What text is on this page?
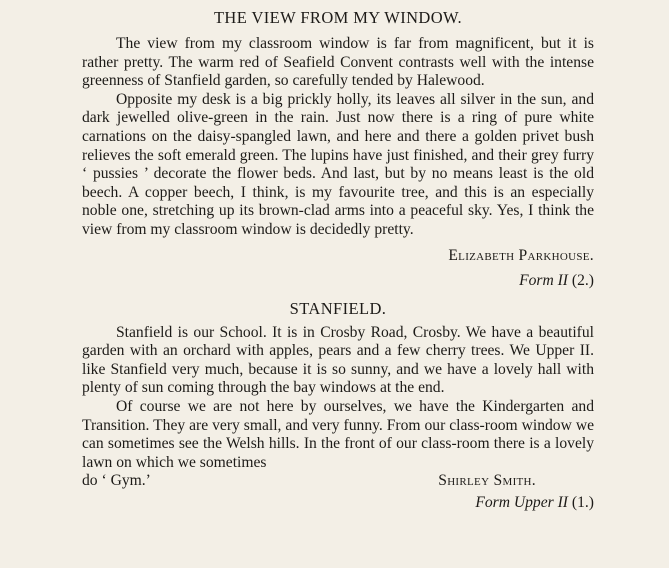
THE VIEW FROM MY WINDOW.

The view from my classroom window is far from magnificent, but it is rather pretty. The warm red of Seafield Convent contrasts well with the intense greenness of Stanfield garden, so carefully tended by Halewood.

Opposite my desk is a big prickly holly, its leaves all silver in the sun, and dark jewelled olive-green in the rain. Just now there is a ring of pure white carnations on the daisy-spangled lawn, and here and there a golden privet bush relieves the soft emerald green. The lupins have just finished, and their grey furry ‘ pussies ’ decorate the flower beds. And last, but by no means least is the old beech. A copper beech, I think, is my favourite tree, and this is an especially noble one, stretching up its brown-clad arms into a peaceful sky. Yes, I think the view from my classroom window is decidedly pretty.

Elizabeth Parkhouse.
Form II (2.)
STANFIELD.

Stanfield is our School. It is in Crosby Road, Crosby. We have a beautiful garden with an orchard with apples, pears and a few cherry trees. We Upper II. like Stanfield very much, because it is so sunny, and we have a lovely hall with plenty of sun coming through the bay windows at the end.

Of course we are not here by ourselves, we have the Kindergarten and Transition. They are very small, and very funny. From our class-room window we can sometimes see the Welsh hills. In the front of our class-room there is a lovely lawn on which we sometimes

do ‘ Gym.’	Shirley Smith.
Form Upper II (1.)
